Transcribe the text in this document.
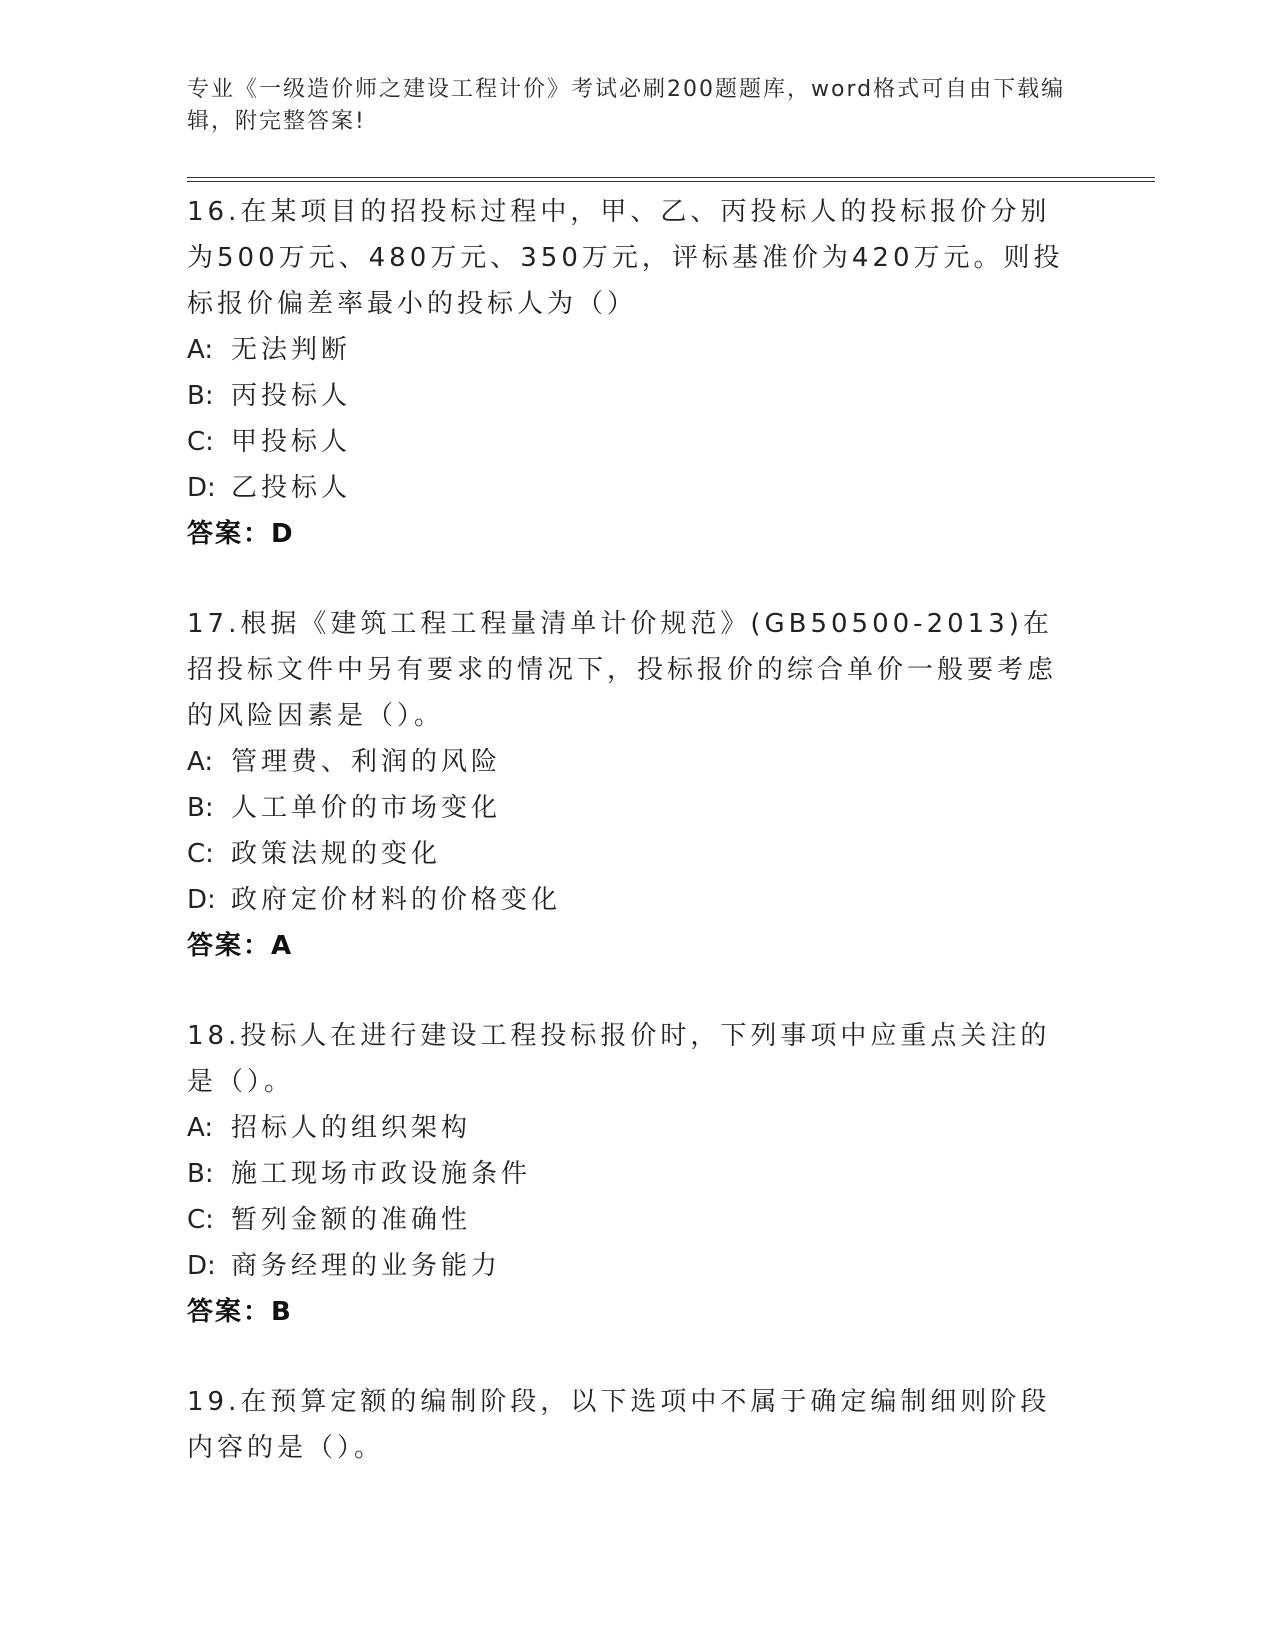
专业《一级造价师之建设工程计价》考试必刷200题题库，word格式可自由下载编辑，附完整答案!
16.在某项目的招投标过程中，甲、乙、丙投标人的投标报价分别为500万元、480万元、350万元，评标基准价为420万元。则投标报价偏差率最小的投标人为（）
A: 无法判断
B: 丙投标人
C: 甲投标人
D: 乙投标人
答案：D
17.根据《建筑工程工程量清单计价规范》(GB50500-2013)在招投标文件中另有要求的情况下，投标报价的综合单价一般要考虑的风险因素是（）。
A: 管理费、利润的风险
B: 人工单价的市场变化
C: 政策法规的变化
D: 政府定价材料的价格变化
答案：A
18.投标人在进行建设工程投标报价时，下列事项中应重点关注的是（）。
A: 招标人的组织架构
B: 施工现场市政设施条件
C: 暂列金额的准确性
D: 商务经理的业务能力
答案：B
19.在预算定额的编制阶段，以下选项中不属于确定编制细则阶段内容的是（）。
